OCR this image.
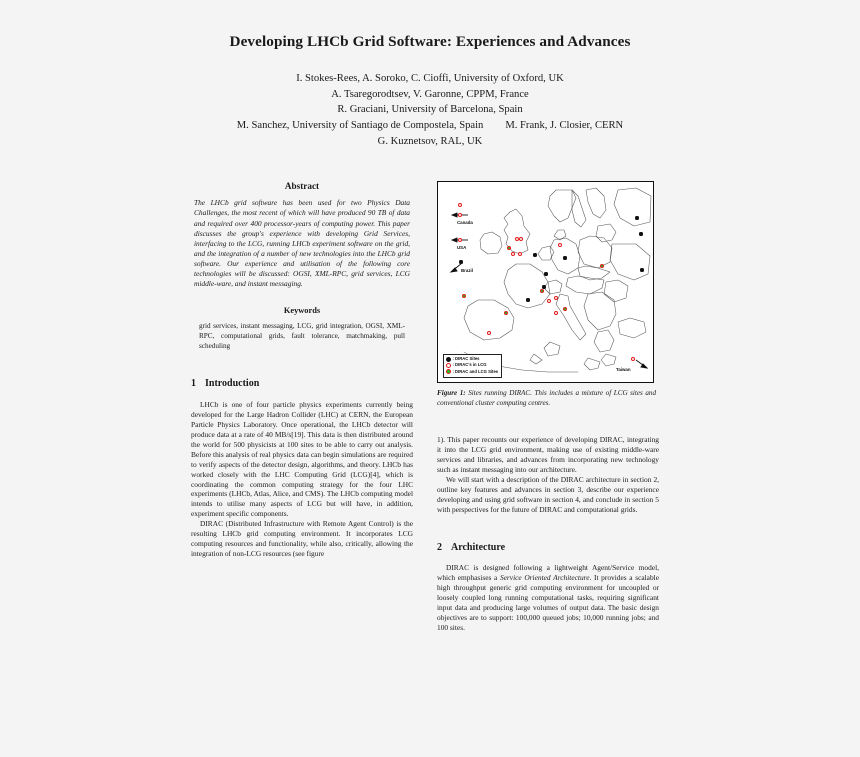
Developing LHCb Grid Software: Experiences and Advances
I. Stokes-Rees, A. Soroko, C. Cioffi, University of Oxford, UK
A. Tsaregorodtsev, V. Garonne, CPPM, France
R. Graciani, University of Barcelona, Spain
M. Sanchez, University of Santiago de Compostela, Spain M. Frank, J. Closier, CERN
G. Kuznetsov, RAL, UK
Abstract

The LHCb grid software has been used for two Physics Data Challenges, the most recent of which will have produced 90 TB of data and required over 400 processor-years of computing power. This paper discusses the group's experience with developing Grid Services, interfacing to the LCG, running LHCb experiment software on the grid, and the integration of a number of new technologies into the LHCb grid software. Our experience and utilisation of the following core technologies will be discussed: OGSI, XML-RPC, grid services, LCG middle-ware, and instant messaging.

Keywords

grid services, instant messaging, LCG, grid integration, OGSI, XML-RPC, computational grids, fault tolerance, matchmaking, pull scheduling

1 Introduction

LHCb is one of four particle physics experiments currently being developed for the Large Hadron Collider (LHC) at CERN, the European Particle Physics Laboratory. Once operational, the LHCb detector will produce data at a rate of 40 MB/s[19]. This data is then distributed around the world for 500 physicists at 100 sites to be able to carry out analysis. Before this analysis of real physics data can begin simulations are required to verify aspects of the detector design, algorithms, and theory. LHCb has worked closely with the LHC Computing Grid (LCG)[4], which is coordinating the common computing strategy for the four LHC experiments (LHCb, Atlas, Alice, and CMS). The LHCb computing model intends to utilise many aspects of LCG but will have, in addition, experiment specific components.

DIRAC (Distributed Infrastructure with Remote Agent Control) is the resulting LHCb grid computing environment. It incorporates LCG computing resources and functionality, while also, critically, allowing the integration of non-LCG resources (see figure

1). This paper recounts our experience of developing DIRAC, integrating it into the LCG grid environment, making use of existing middle-ware services and libraries, and advances from incorporating new technology such as instant messaging into our architecture.

We will start with a description of the DIRAC architecture in section 2, outline key features and advances in section 3, describe our experience developing and using grid software in section 4, and conclude in section 5 with perspectives for the future of DIRAC and computational grids.

2 Architecture

DIRAC is designed following a lightweight Agent/Service model, which emphasises a Service Oriented Architecture. It provides a scalable high throughput generic grid computing environment for uncoupled or loosely coupled long running computational tasks, requiring significant input data and producing large volumes of output data. The basic design objectives are to support: 100,000 queued jobs; 10,000 running jobs; and 100 sites.

Canada
USA
Brazil
Taiwan
: DIRAC Sites
: DIRAC's in LCG
: DIRAC and LCG Sites
Figure 1: Sites running DIRAC. This includes a mixture of LCG sites and conventional cluster computing centres.
